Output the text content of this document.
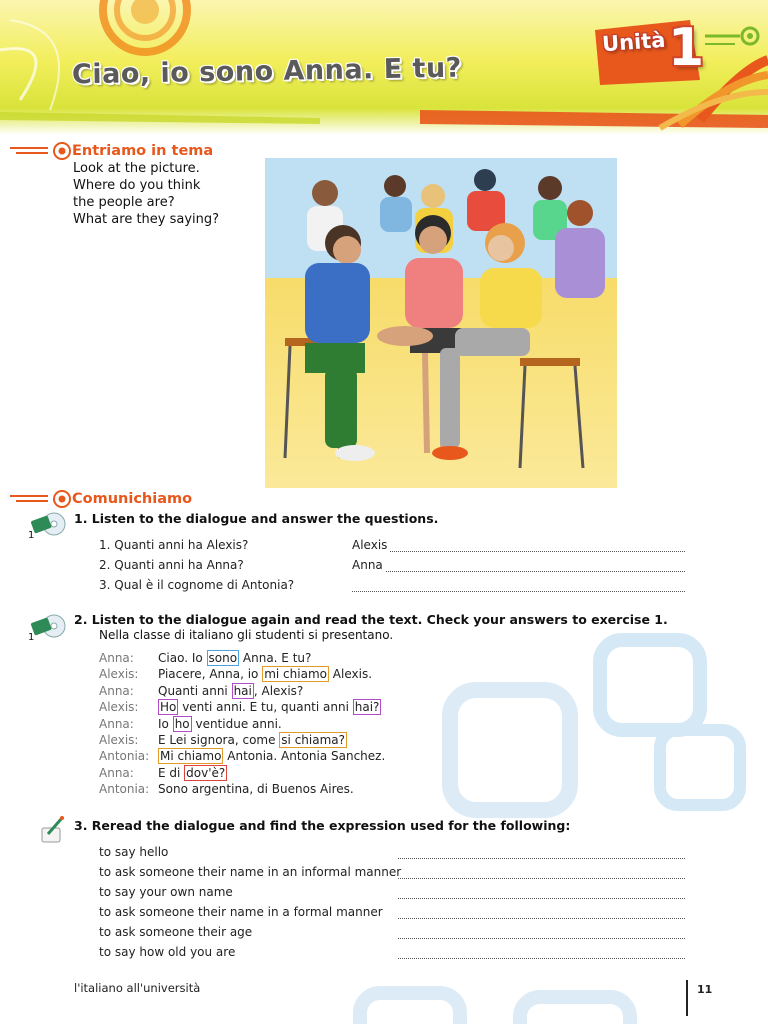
Ciao, io sono Anna. E tu?
Unità 1
Entriamo in tema
Look at the picture.
Where do you think
the people are?
What are they saying?
Comunichiamo
1
1. Listen to the dialogue and answer the questions.
1. Quanti anni ha Alexis?	Alexis
2. Quanti anni ha Anna?	Anna
3. Qual è il cognome di Antonia?
1
2. Listen to the dialogue again and read the text. Check your answers to exercise 1.
Nella classe di italiano gli studenti si presentano.
Anna: Ciao. Io sono Anna. E tu?
Alexis: Piacere, Anna, io mi chiamo Alexis.
Anna: Quanti anni hai , Alexis?
Alexis: Ho venti anni. E tu, quanti anni hai?
Anna: Io ho ventidue anni.
Alexis: E Lei signora, come si chiama?
Antonia: Mi chiamo Antonia. Antonia Sanchez.
Anna: E di dov'è?
Antonia: Sono argentina, di Buenos Aires.
3. Reread the dialogue and find the expression used for the following:
to say hello
to ask someone their name in an informal manner
to say your own name
to ask someone their name in a formal manner
to ask someone their age
to say how old you are
l'italiano all'università	11
